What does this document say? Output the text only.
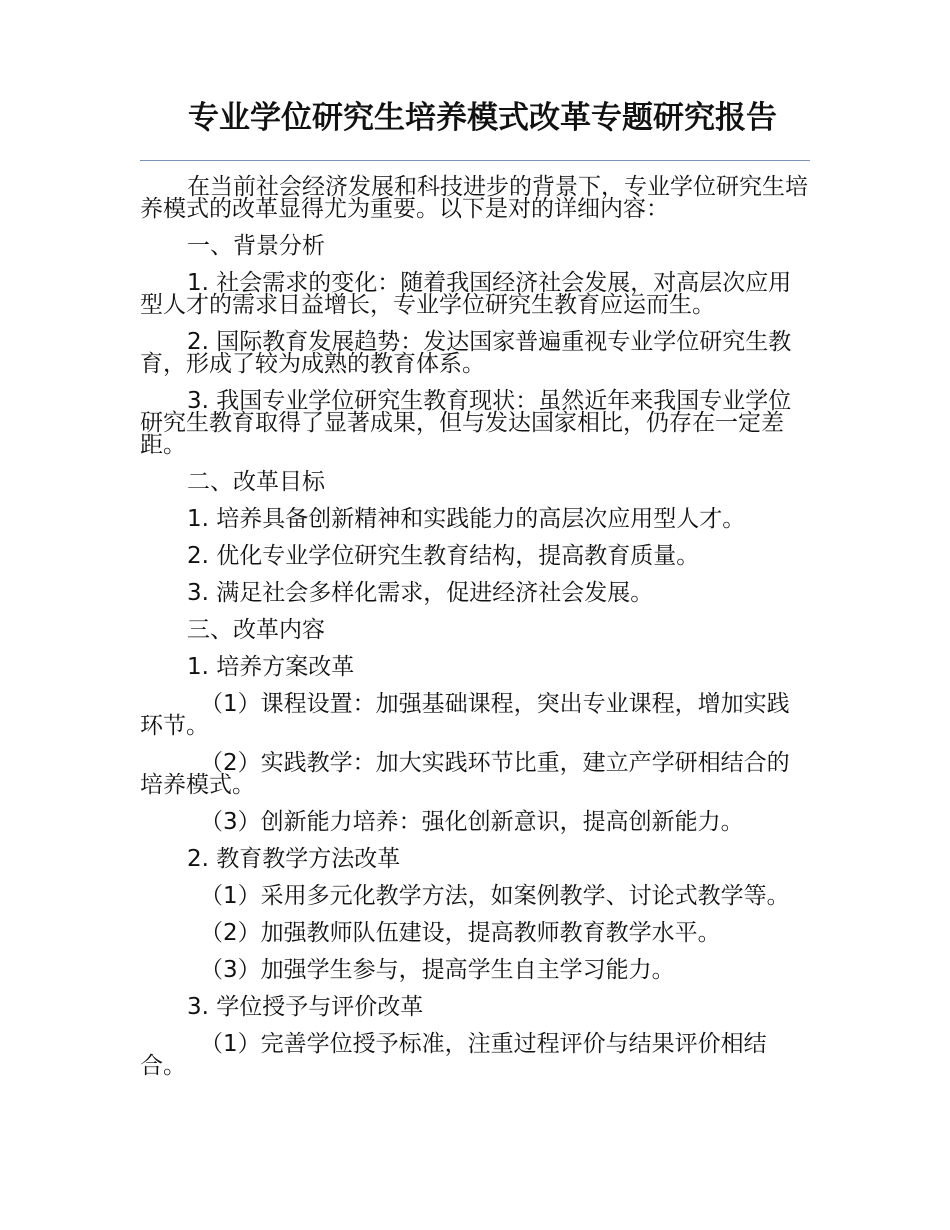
专业学位研究生培养模式改革专题研究报告

在当前社会经济发展和科技进步的背景下，专业学位研究生培养模式的改革显得尤为重要。以下是对的详细内容：

一、背景分析

1. 社会需求的变化：随着我国经济社会发展，对高层次应用型人才的需求日益增长，专业学位研究生教育应运而生。

2. 国际教育发展趋势：发达国家普遍重视专业学位研究生教育，形成了较为成熟的教育体系。

3. 我国专业学位研究生教育现状：虽然近年来我国专业学位研究生教育取得了显著成果，但与发达国家相比，仍存在一定差距。

二、改革目标

1. 培养具备创新精神和实践能力的高层次应用型人才。

2. 优化专业学位研究生教育结构，提高教育质量。

3. 满足社会多样化需求，促进经济社会发展。

三、改革内容

1. 培养方案改革

（1）课程设置：加强基础课程，突出专业课程，增加实践环节。

（2）实践教学：加大实践环节比重，建立产学研相结合的培养模式。

（3）创新能力培养：强化创新意识，提高创新能力。

2. 教育教学方法改革

（1）采用多元化教学方法，如案例教学、讨论式教学等。

（2）加强教师队伍建设，提高教师教育教学水平。

（3）加强学生参与，提高学生自主学习能力。

3. 学位授予与评价改革

（1）完善学位授予标准，注重过程评价与结果评价相结合。
